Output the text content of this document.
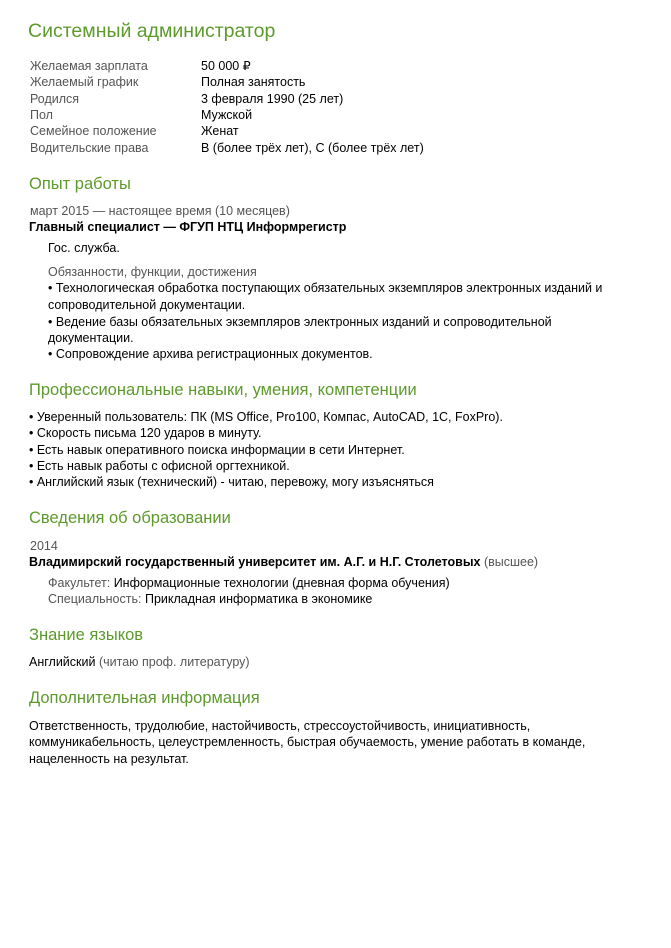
Системный администратор
Желаемая зарплата	50 000 ₽
Желаемый график	Полная занятость
Родился	3 февраля 1990 (25 лет)
Пол	Мужской
Семейное положение	Женат
Водительские права	B (более трёх лет), C (более трёх лет)
Опыт работы
март 2015 — настоящее время (10 месяцев)
Главный специалист — ФГУП НТЦ Информрегистр
Гос. служба.
Обязанности, функции, достижения
• Технологическая обработка поступающих обязательных экземпляров электронных изданий и
сопроводительной документации.
• Ведение базы обязательных экземпляров электронных изданий и сопроводительной
документации.
• Сопровождение архива регистрационных документов.
Профессиональные навыки, умения, компетенции
• Уверенный пользователь: ПК (MS Office, Pro100, Компас, AutoCAD, 1С, FoxPro).
• Скорость письма 120 ударов в минуту.
• Есть навык оперативного поиска информации в сети Интернет.
• Есть навык работы с офисной оргтехникой.
• Английский язык (технический) - читаю, перевожу, могу изъясняться
Сведения об образовании
2014
Владимирский государственный университет им. А.Г. и Н.Г. Столетовых (высшее)
Факультет: Информационные технологии (дневная форма обучения)
Специальность: Прикладная информатика в экономике
Знание языков
Английский (читаю проф. литературу)
Дополнительная информация
Ответственность, трудолюбие, настойчивость, стрессоустойчивость, инициативность,
коммуникабельность, целеустремленность, быстрая обучаемость, умение работать в команде,
нацеленность на результат.
